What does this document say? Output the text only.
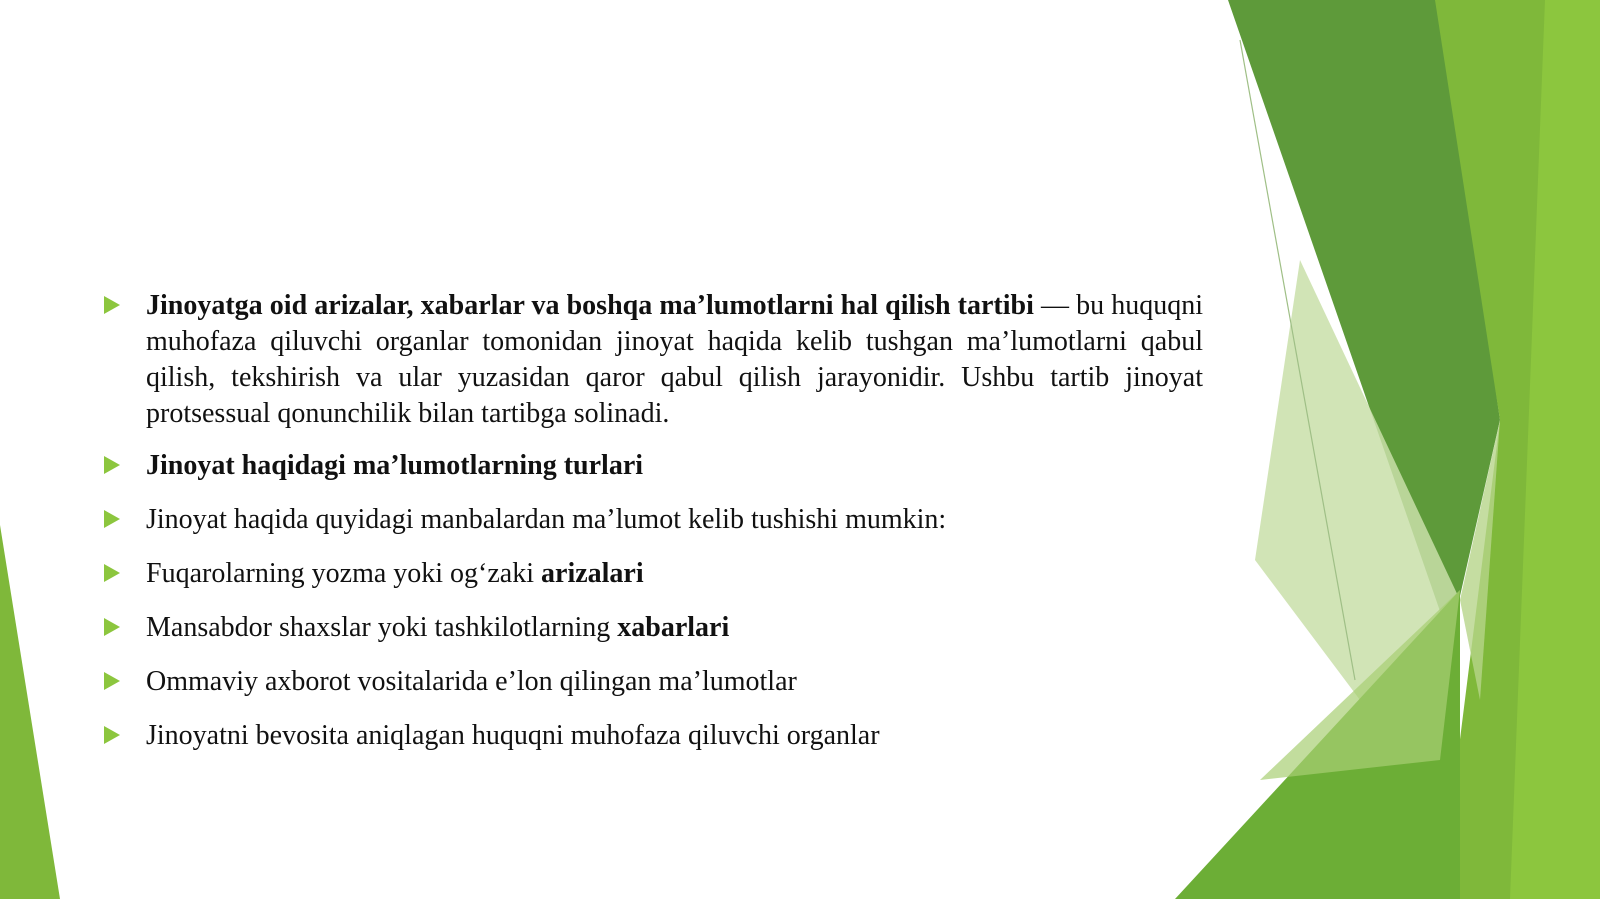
Jinoyatga oid arizalar, xabarlar va boshqa ma’lumotlarni hal qilish tartibi — bu huquqni muhofaza qiluvchi organlar tomonidan jinoyat haqida kelib tushgan ma’lumotlarni qabul qilish, tekshirish va ular yuzasidan qaror qabul qilish jarayonidir. Ushbu tartib jinoyat protsessual qonunchilik bilan tartibga solinadi.
Jinoyat haqidagi ma’lumotlarning turlari
Jinoyat haqida quyidagi manbalardan ma’lumot kelib tushishi mumkin:
Fuqarolarning yozma yoki og‘zaki arizalari
Mansabdor shaxslar yoki tashkilotlarning xabarlari
Ommaviy axborot vositalarida e’lon qilingan ma’lumotlar
Jinoyatni bevosita aniqlagan huquqni muhofaza qiluvchi organlar
